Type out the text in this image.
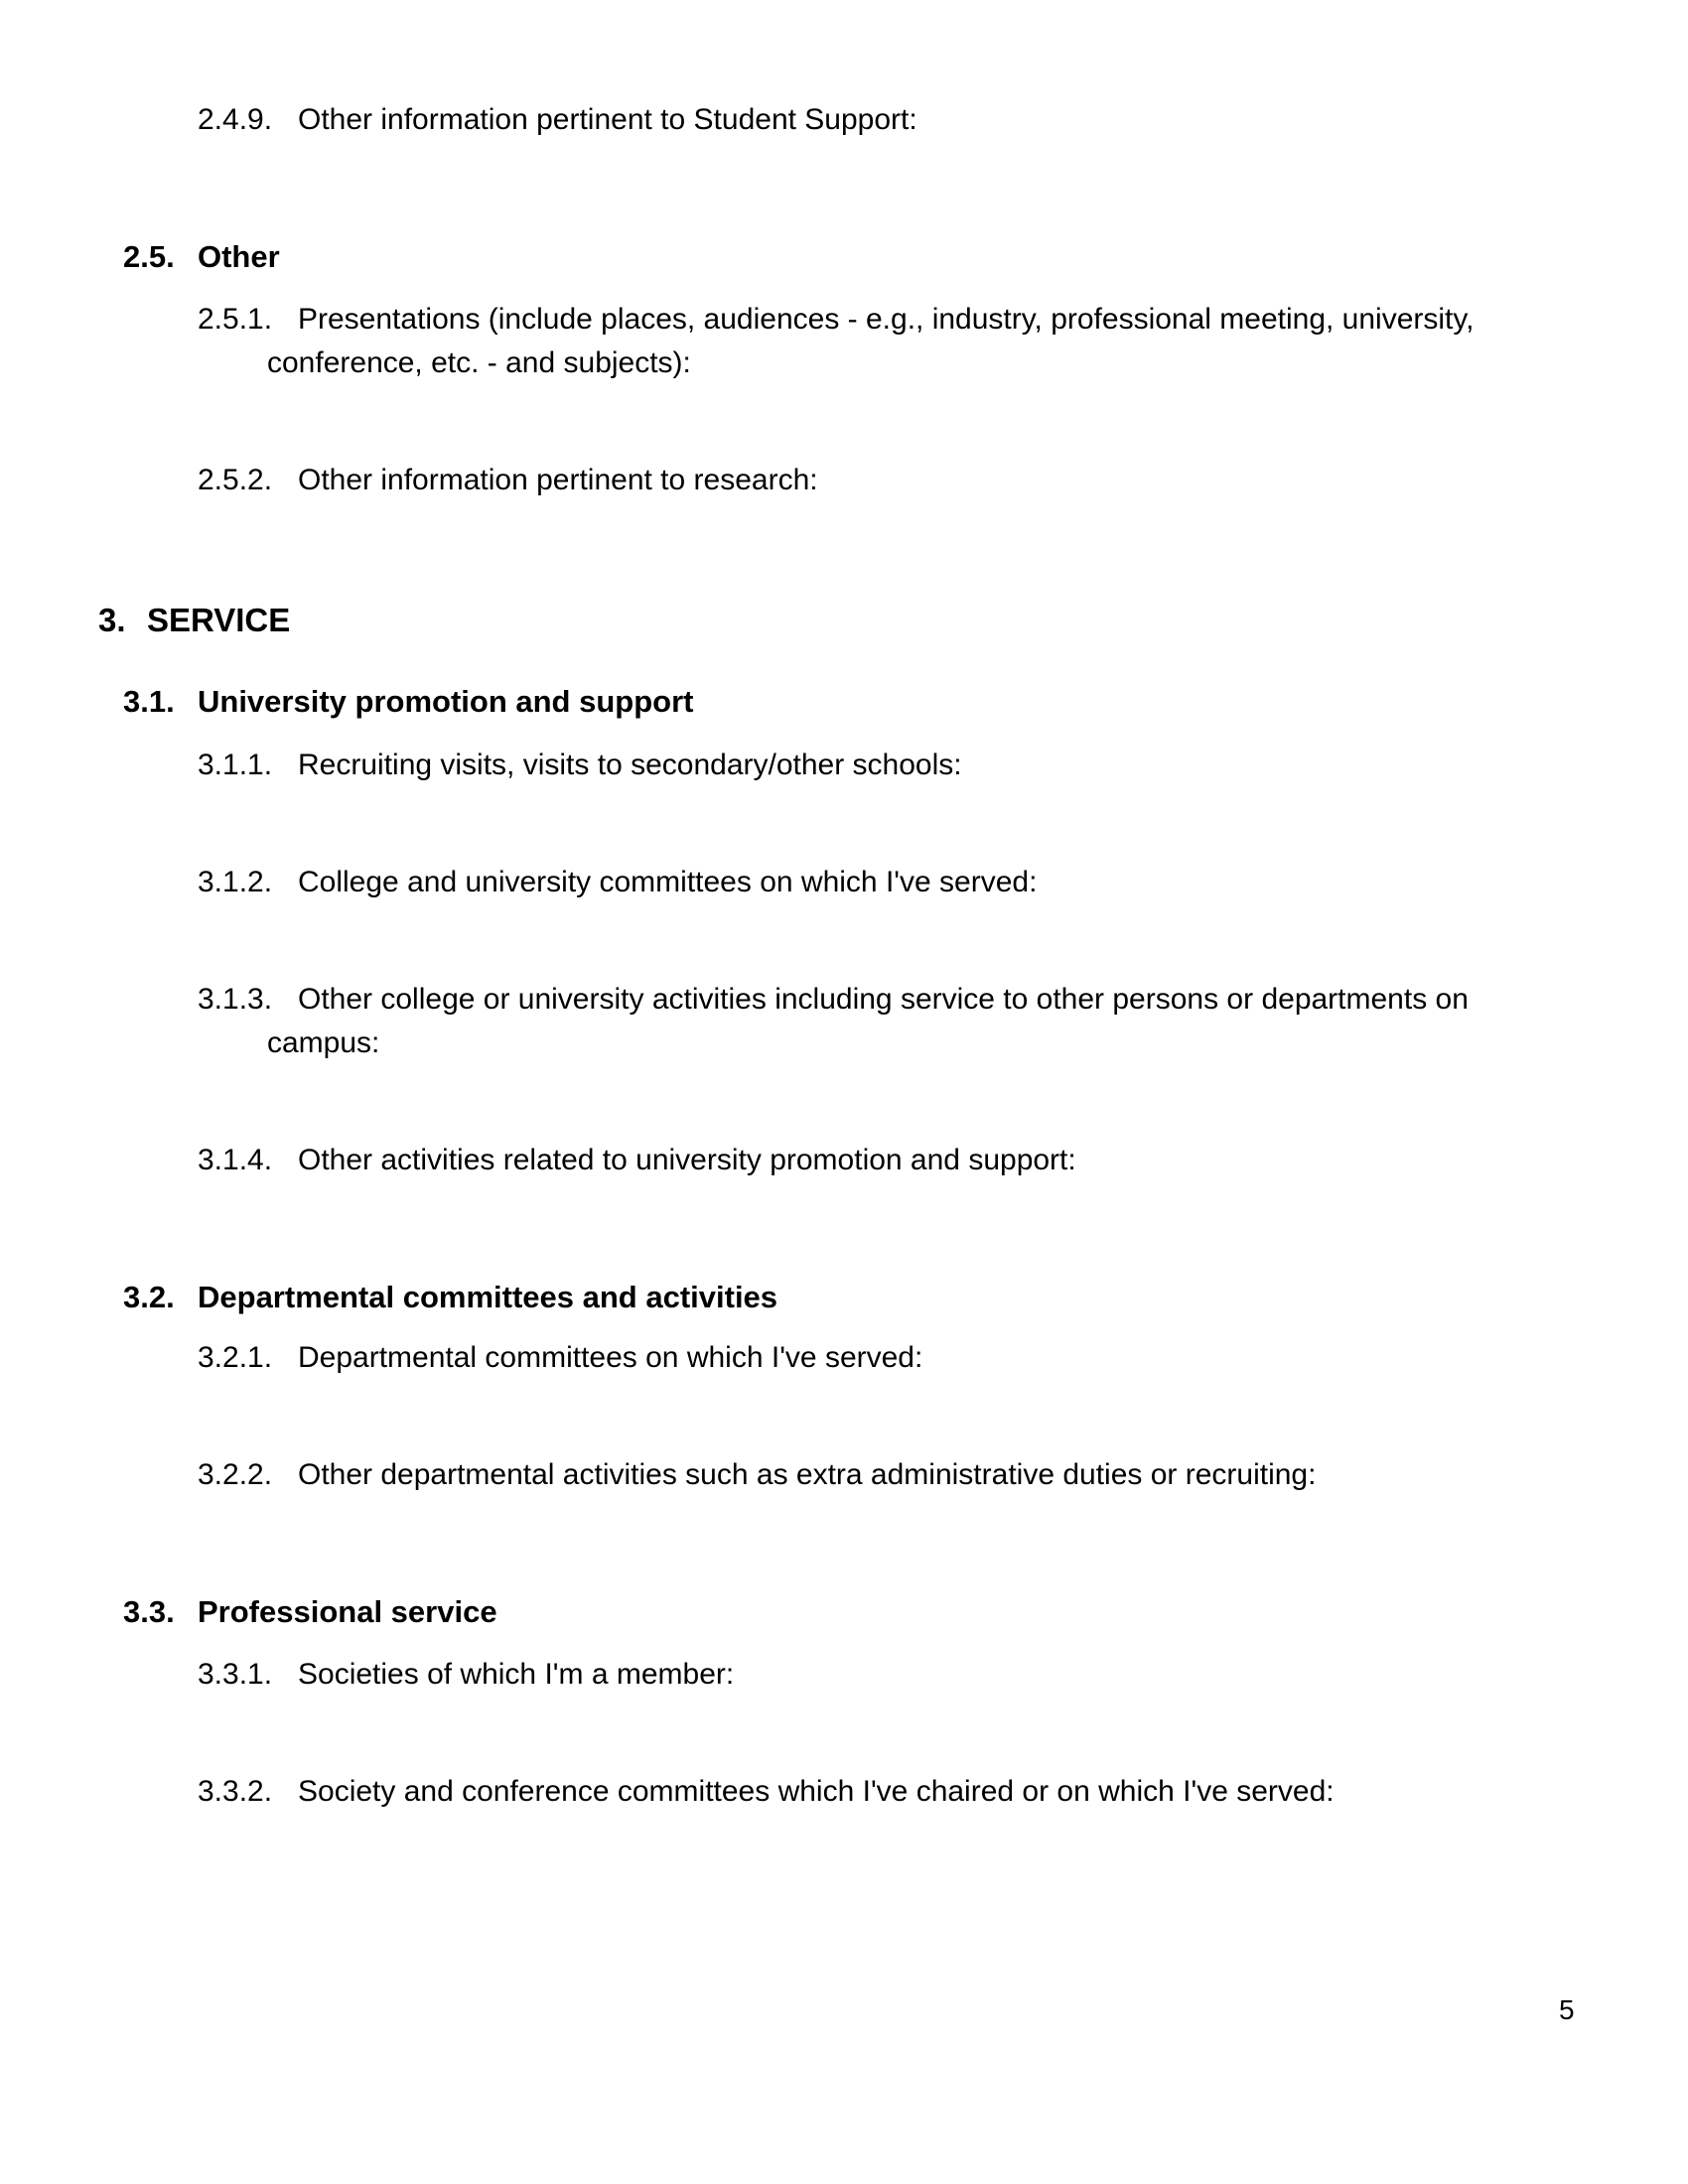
2.4.9. Other information pertinent to Student Support:
2.5. Other
2.5.1. Presentations (include places, audiences - e.g., industry, professional meeting, university,
conference, etc. - and subjects):
2.5.2. Other information pertinent to research:
3. SERVICE
3.1. University promotion and support
3.1.1. Recruiting visits, visits to secondary/other schools:
3.1.2. College and university committees on which I've served:
3.1.3. Other college or university activities including service to other persons or departments on
campus:
3.1.4. Other activities related to university promotion and support:
3.2. Departmental committees and activities
3.2.1. Departmental committees on which I've served:
3.2.2. Other departmental activities such as extra administrative duties or recruiting:
3.3. Professional service
3.3.1. Societies of which I'm a member:
3.3.2. Society and conference committees which I've chaired or on which I've served:
5
